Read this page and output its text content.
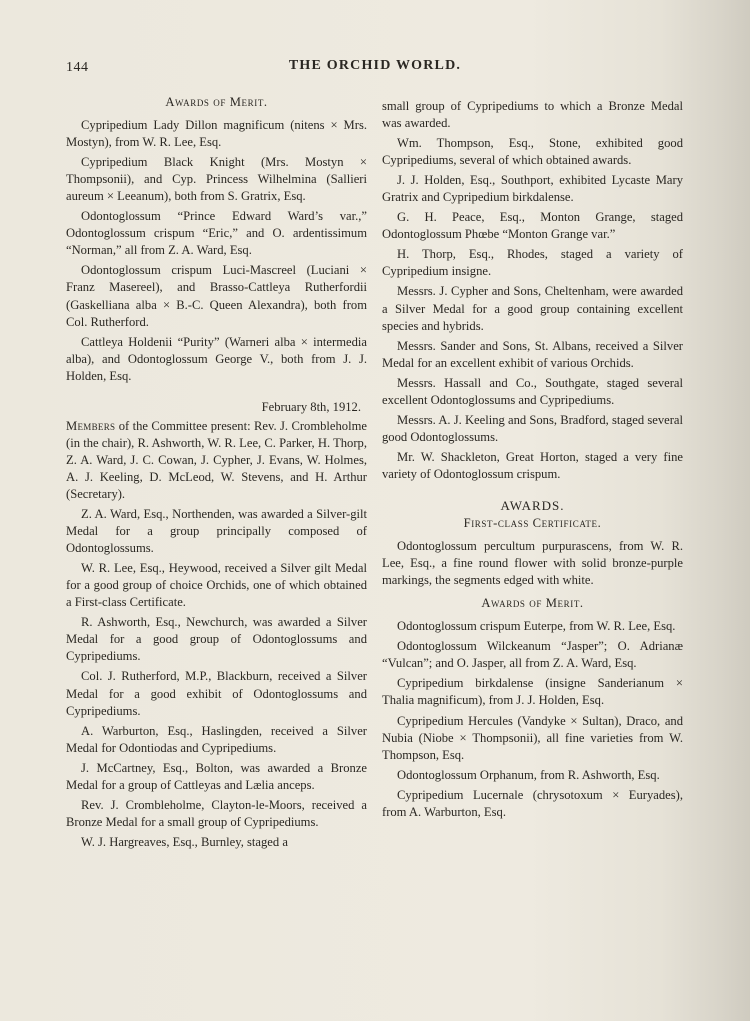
144	THE ORCHID WORLD.
Awards of Merit.

Cypripedium Lady Dillon magnificum (nitens × Mrs. Mostyn), from W. R. Lee, Esq.

Cypripedium Black Knight (Mrs. Mostyn × Thompsonii), and Cyp. Princess Wilhelmina (Sallieri aureum × Leeanum), both from S. Gratrix, Esq.

Odontoglossum “Prince Edward Ward’s var.,” Odontoglossum crispum “Eric,” and O. ardentissimum “Norman,” all from Z. A. Ward, Esq.

Odontoglossum crispum Luci-Mascreel (Luciani × Franz Masereel), and Brasso-Cattleya Rutherfordii (Gaskelliana alba × B.-C. Queen Alexandra), both from Col. Rutherford.

Cattleya Holdenii “Purity” (Warneri alba × intermedia alba), and Odontoglossum George V., both from J. J. Holden, Esq.

February 8th, 1912.

Members of the Committee present: Rev. J. Crombleholme (in the chair), R. Ashworth, W. R. Lee, C. Parker, H. Thorp, Z. A. Ward, J. C. Cowan, J. Cypher, J. Evans, W. Holmes, A. J. Keeling, D. McLeod, W. Stevens, and H. Arthur (Secretary).

Z. A. Ward, Esq., Northenden, was awarded a Silver-gilt Medal for a group principally composed of Odontoglossums.

W. R. Lee, Esq., Heywood, received a Silver gilt Medal for a good group of choice Orchids, one of which obtained a First-class Certificate.

R. Ashworth, Esq., Newchurch, was awarded a Silver Medal for a good group of Odontoglossums and Cypripediums.

Col. J. Rutherford, M.P., Blackburn, received a Silver Medal for a good exhibit of Odontoglossums and Cypripediums.

A. Warburton, Esq., Haslingden, received a Silver Medal for Odontiodas and Cypripediums.

J. McCartney, Esq., Bolton, was awarded a Bronze Medal for a group of Cattleyas and Lælia anceps.

Rev. J. Crombleholme, Clayton-le-Moors, received a Bronze Medal for a small group of Cypripediums.

W. J. Hargreaves, Esq., Burnley, staged a

small group of Cypripediums to which a Bronze Medal was awarded.

Wm. Thompson, Esq., Stone, exhibited good Cypripediums, several of which obtained awards.

J. J. Holden, Esq., Southport, exhibited Lycaste Mary Gratrix and Cypripedium birkdalense.

G. H. Peace, Esq., Monton Grange, staged Odontoglossum Phœbe “Monton Grange var.”

H. Thorp, Esq., Rhodes, staged a variety of Cypripedium insigne.

Messrs. J. Cypher and Sons, Cheltenham, were awarded a Silver Medal for a good group containing excellent species and hybrids.

Messrs. Sander and Sons, St. Albans, received a Silver Medal for an excellent exhibit of various Orchids.

Messrs. Hassall and Co., Southgate, staged several excellent Odontoglossums and Cypripediums.

Messrs. A. J. Keeling and Sons, Bradford, staged several good Odontoglossums.

Mr. W. Shackleton, Great Horton, staged a very fine variety of Odontoglossum crispum.

AWARDS.
First-class Certificate.

Odontoglossum percultum purpurascens, from W. R. Lee, Esq., a fine round flower with solid bronze-purple markings, the segments edged with white.

Awards of Merit.

Odontoglossum crispum Euterpe, from W. R. Lee, Esq.

Odontoglossum Wilckeanum “Jasper”; O. Adrianæ “Vulcan”; and O. Jasper, all from Z. A. Ward, Esq.

Cypripedium birkdalense (insigne Sanderianum × Thalia magnificum), from J. J. Holden, Esq.

Cypripedium Hercules (Vandyke × Sultan), Draco, and Nubia (Niobe × Thompsonii), all fine varieties from W. Thompson, Esq.

Odontoglossum Orphanum, from R. Ashworth, Esq.

Cypripedium Lucernale (chrysotoxum × Euryades), from A. Warburton, Esq.
